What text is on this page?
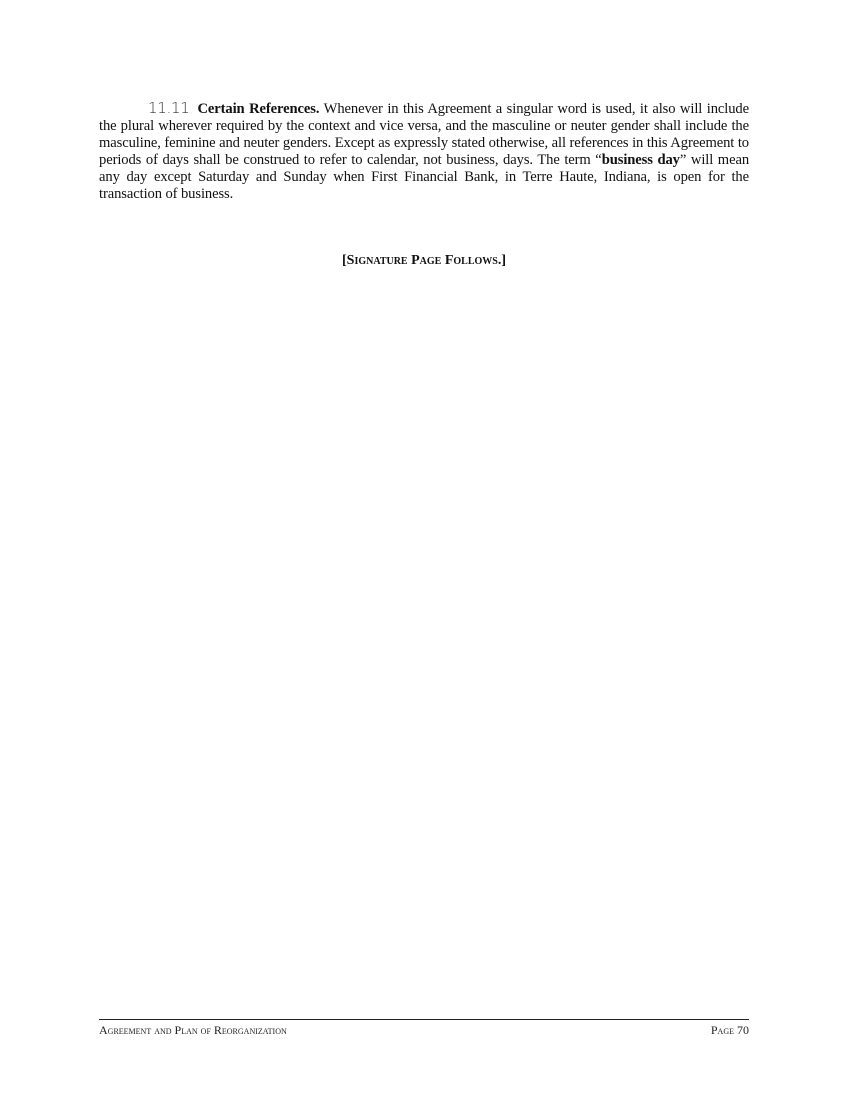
11.11 Certain References. Whenever in this Agreement a singular word is used, it also will include the plural wherever required by the context and vice versa, and the masculine or neuter gender shall include the masculine, feminine and neuter genders. Except as expressly stated otherwise, all references in this Agreement to periods of days shall be construed to refer to calendar, not business, days. The term “business day” will mean any day except Saturday and Sunday when First Financial Bank, in Terre Haute, Indiana, is open for the transaction of business.
[Signature Page Follows.]
Agreement and Plan of Reorganization	Page 70
